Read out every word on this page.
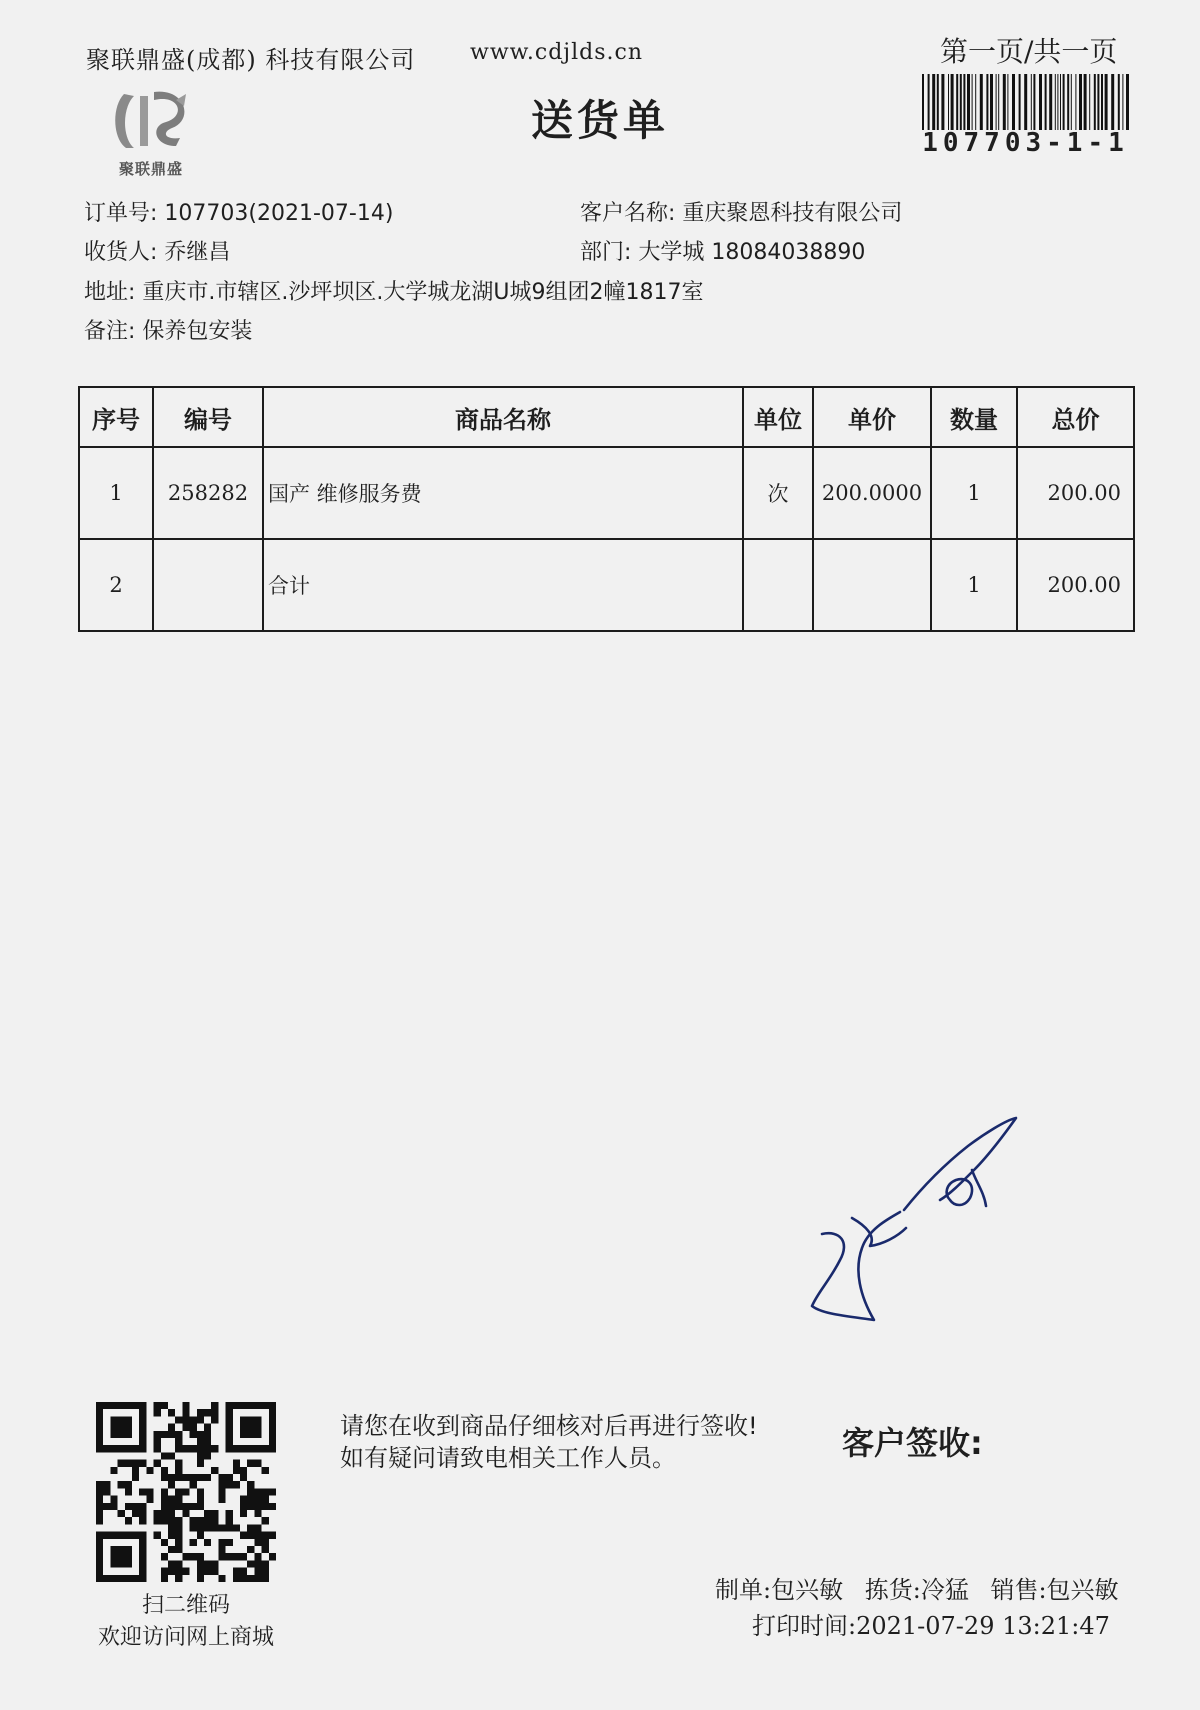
聚联鼎盛(成都) 科技有限公司 www.cdjlds.cn	第一页/共一页
107703-1-1
聚联鼎盛
送货单
订单号: 107703(2021-07-14)	客户名称: 重庆聚恩科技有限公司
收货人: 乔继昌	部门: 大学城 18084038890
地址: 重庆市.市辖区.沙坪坝区.大学城龙湖U城9组团2幢1817室
备注: 保养包安装
序号	编号	商品名称	单位	单价	数量	总价
1	258282	国产 维修服务费	次	200.0000	1	200.00
2		合计			1	200.00
请您在收到商品仔细核对后再进行签收!如有疑问请致电相关工作人员。	客户签收:
扫二维码
欢迎访问网上商城
制单:包兴敏 拣货:冷猛 销售:包兴敏
打印时间:2021-07-29 13:21:47
